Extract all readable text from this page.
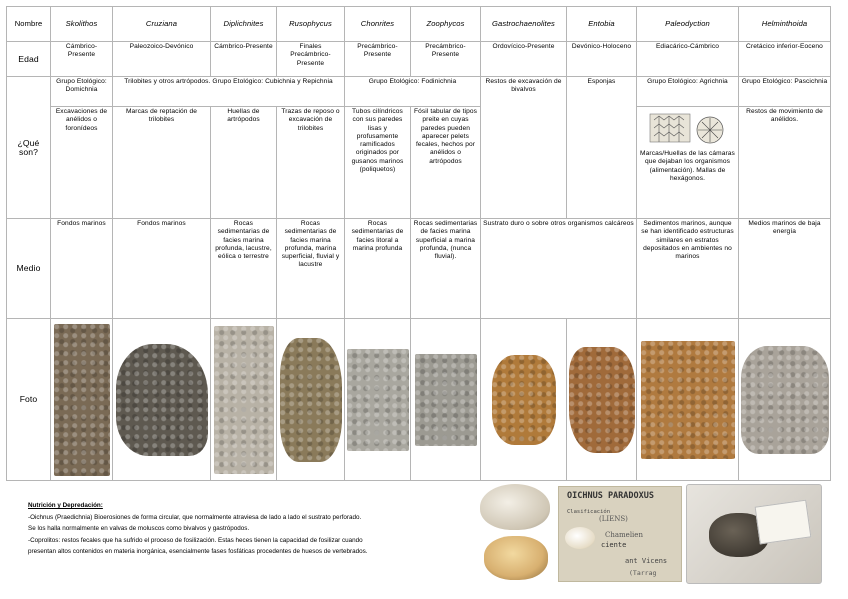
Nombre	Skolithos	Cruziana	Diplichnites	Rusophycus	Chonrites	Zoophycos	Gastrochaenolites	Entobia	Paleodyction	Helminthoida
Edad	Cámbrico-Presente	Paleozoico-Devónico	Cámbrico-Presente	Finales Precámbrico-Presente	Precámbrico-Presente	Precámbrico-Presente	Ordovícico-Presente	Devónico-Holoceno	Ediacárico-Cámbrico	Cretácico inferior-Eoceno
¿Qué son?	Grupo Etológico: Domichnia	Trilobites y otros artrópodos. Grupo Etológico: Cubichnia y Repichnia			Grupo Etológico: Fodinichnia		Restos de excavación de bivalvos	Esponjas	Grupo Etológico: Agrichnia	Grupo Etológico: Pascichnia
	Excavaciones de anélidos o foronídeos	Marcas de reptación de trilobites	Huellas de artrópodos	Trazas de reposo o excavación de trilobites	Tubos cilíndricos con sus paredes lisas y profusamente ramificados originados por gusanos marinos (poliquetos)	Fósil tabular de tipos preite en cuyas paredes pueden aparecer pelets fecales, hechos por anélidos o artrópodos			Marcas/Huellas de las cámaras que dejaban los organismos (alimentación). Mallas de hexágonos.	Restos de movimiento de anélidos.
Medio	Fondos marinos	Fondos marinos	Rocas sedimentarias de facies marina profunda, lacustre, eólica o terrestre	Rocas sedimentarias de facies marina profunda, marina superficial, fluvial y lacustre	Rocas sedimentarias de facies litoral a marina profunda	Rocas sedimentarias de facies marina superficial a marina profunda, (nunca fluvial).	Sustrato duro o sobre otros organismos calcáreos		Sedimentos marinos, aunque se han identificado estructuras similares en estratos depositados en ambientes no marinos	Medios marinos de baja energía
Foto	

Nutrición y Depredación:
-Oichnus (Praedichnia) Bioerosiones de forma circular, que normalmente atraviesa de lado a lado el sustrato perforado.
Se los halla normalmente en valvas de moluscos como bivalvos y gastrópodos.
-Coprolitos: restos fecales que ha sufrido el proceso de fosilización. Estas heces tienen la capacidad de fosilizar cuando
presentan altos contenidos en materia inorgánica, esencialmente fases fosfáticas procedentes de huesos de vertebrados.
OICHNUS PARADOXUS
Clasificación
(LIENS)
Chamelien
ciente
ant Vicens
(Tarrag
